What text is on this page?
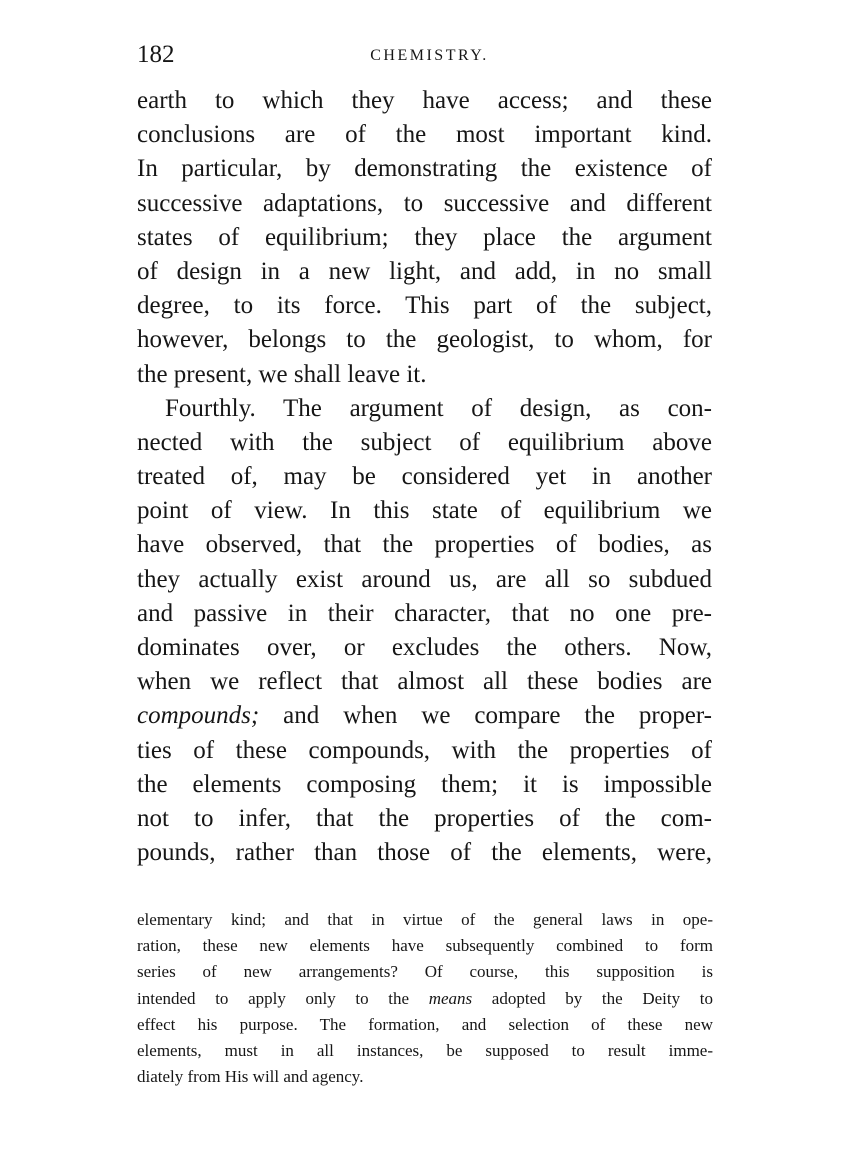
182	CHEMISTRY.
earth to which they have access; and these
conclusions are of the most important kind.
In particular, by demonstrating the existence of
successive adaptations, to successive and different
states of equilibrium; they place the argument
of design in a new light, and add, in no small
degree, to its force. This part of the subject,
however, belongs to the geologist, to whom, for
the present, we shall leave it.
Fourthly. The argument of design, as con-
nected with the subject of equilibrium above
treated of, may be considered yet in another
point of view. In this state of equilibrium we
have observed, that the properties of bodies, as
they actually exist around us, are all so subdued
and passive in their character, that no one pre-
dominates over, or excludes the others. Now,
when we reflect that almost all these bodies are
compounds; and when we compare the proper-
ties of these compounds, with the properties of
the elements composing them; it is impossible
not to infer, that the properties of the com-
pounds, rather than those of the elements, were,
elementary kind; and that in virtue of the general laws in ope-
ration, these new elements have subsequently combined to form
series of new arrangements? Of course, this supposition is
intended to apply only to the means adopted by the Deity to
effect his purpose. The formation, and selection of these new
elements, must in all instances, be supposed to result imme-
diately from His will and agency.
